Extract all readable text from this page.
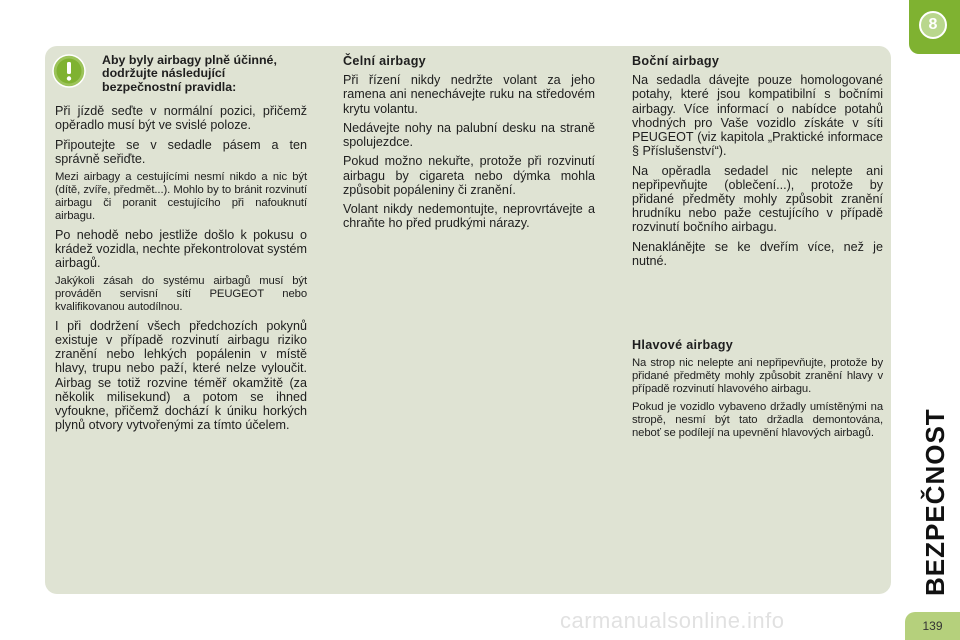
Aby byly airbagy plně účinné, dodržujte následující bezpečnostní pravidla:

Při jízdě seďte v normální pozici, přičemž opěradlo musí být ve svislé poloze.

Připoutejte se v sedadle pásem a ten správně seřiďte.

Mezi airbagy a cestujícími nesmí nikdo a nic být (dítě, zvíře, předmět...). Mohlo by to bránit rozvinutí airbagu či poranit cestujícího při nafouknutí airbagu.

Po nehodě nebo jestliže došlo k pokusu o krádež vozidla, nechte překontrolovat systém airbagů.

Jakýkoli zásah do systému airbagů musí být prováděn servisní sítí PEUGEOT nebo kvalifikovanou autodílnou.

I při dodržení všech předchozích pokynů existuje v případě rozvinutí airbagu riziko zranění nebo lehkých popálenin v místě hlavy, trupu nebo paží, které nelze vyloučit. Airbag se totiž rozvine téměř okamžitě (za několik milisekund) a potom se ihned vyfoukne, přičemž dochází k úniku horkých plynů otvory vytvořenými za tímto účelem.

Čelní airbagy

Při řízení nikdy nedržte volant za jeho ramena ani nenechávejte ruku na středovém krytu volantu.

Nedávejte nohy na palubní desku na straně spolujezdce.

Pokud možno nekuřte, protože při rozvinutí airbagu by cigareta nebo dýmka mohla způsobit popáleniny či zranění.

Volant nikdy nedemontujte, neprovrtávejte a chraňte ho před prudkými nárazy.

Boční airbagy

Na sedadla dávejte pouze homologované potahy, které jsou kompatibilní s bočními airbagy. Více informací o nabídce potahů vhodných pro Vaše vozidlo získáte v síti PEUGEOT (viz kapitola „Praktické informace § Příslušenství“).

Na opěradla sedadel nic nelepte ani nepřipevňujte (oblečení...), protože by přidané předměty mohly způsobit zranění hrudníku nebo paže cestujícího v případě rozvinutí bočního airbagu.

Nenaklánějte se ke dveřím více, než je nutné.

Hlavové airbagy

Na strop nic nelepte ani nepřipevňujte, protože by přidané předměty mohly způsobit zranění hlavy v případě rozvinutí hlavového airbagu.

Pokud je vozidlo vybaveno držadly umístěnými na stropě, nesmí být tato držadla demontována, neboť se podílejí na upevnění hlavových airbagů.

8
BEZPEČNOST
139
carmanualsonline.info
